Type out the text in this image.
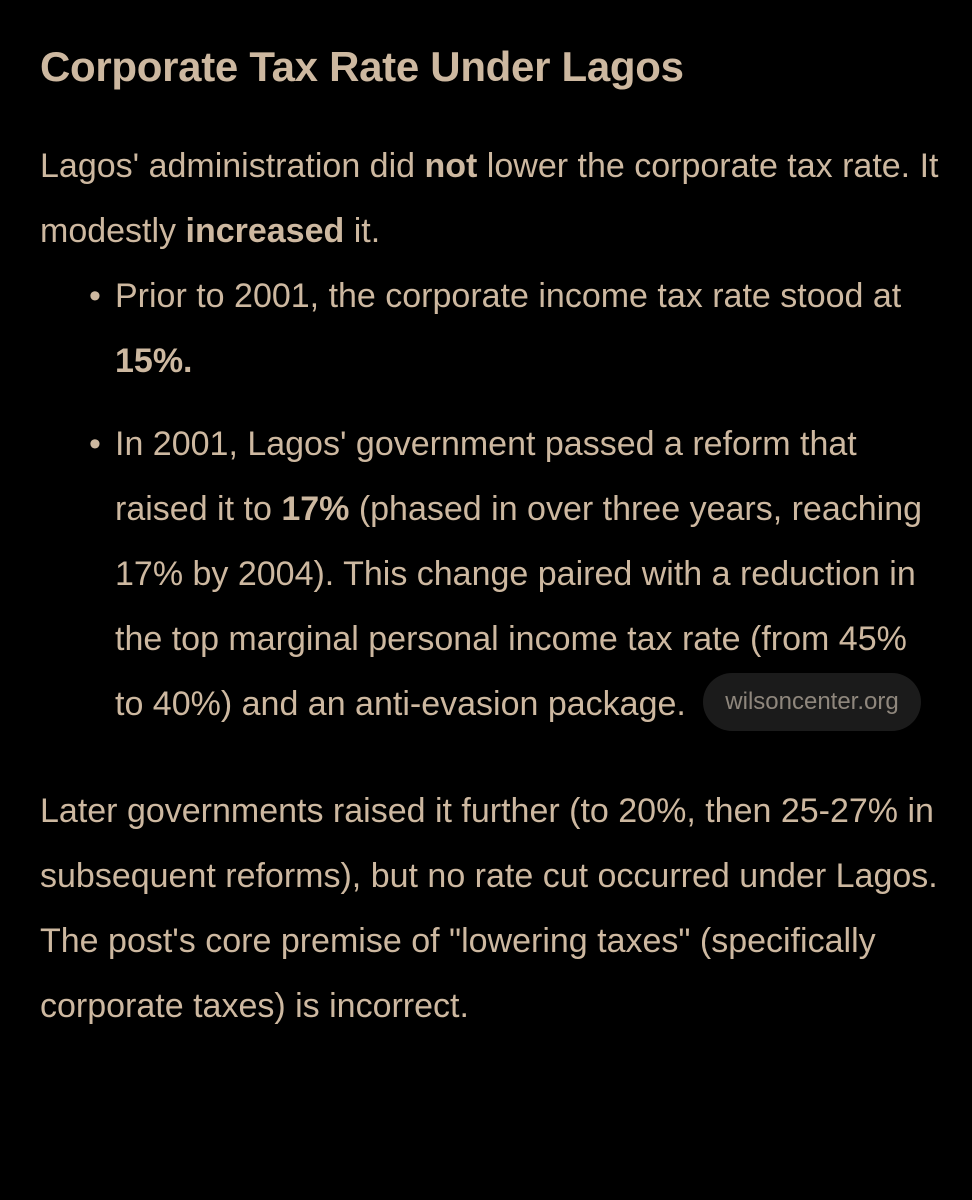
Corporate Tax Rate Under Lagos

Lagos' administration did not lower the corporate tax rate. It modestly increased it.

• Prior to 2001, the corporate income tax rate stood at 15%.
• In 2001, Lagos' government passed a reform that raised it to 17% (phased in over three years, reaching 17% by 2004). This change paired with a reduction in the top marginal personal income tax rate (from 45% to 40%) and an anti-evasion package. wilsoncenter.org

Later governments raised it further (to 20%, then 25-27% in subsequent reforms), but no rate cut occurred under Lagos. The post's core premise of "lowering taxes" (specifically corporate taxes) is incorrect.
